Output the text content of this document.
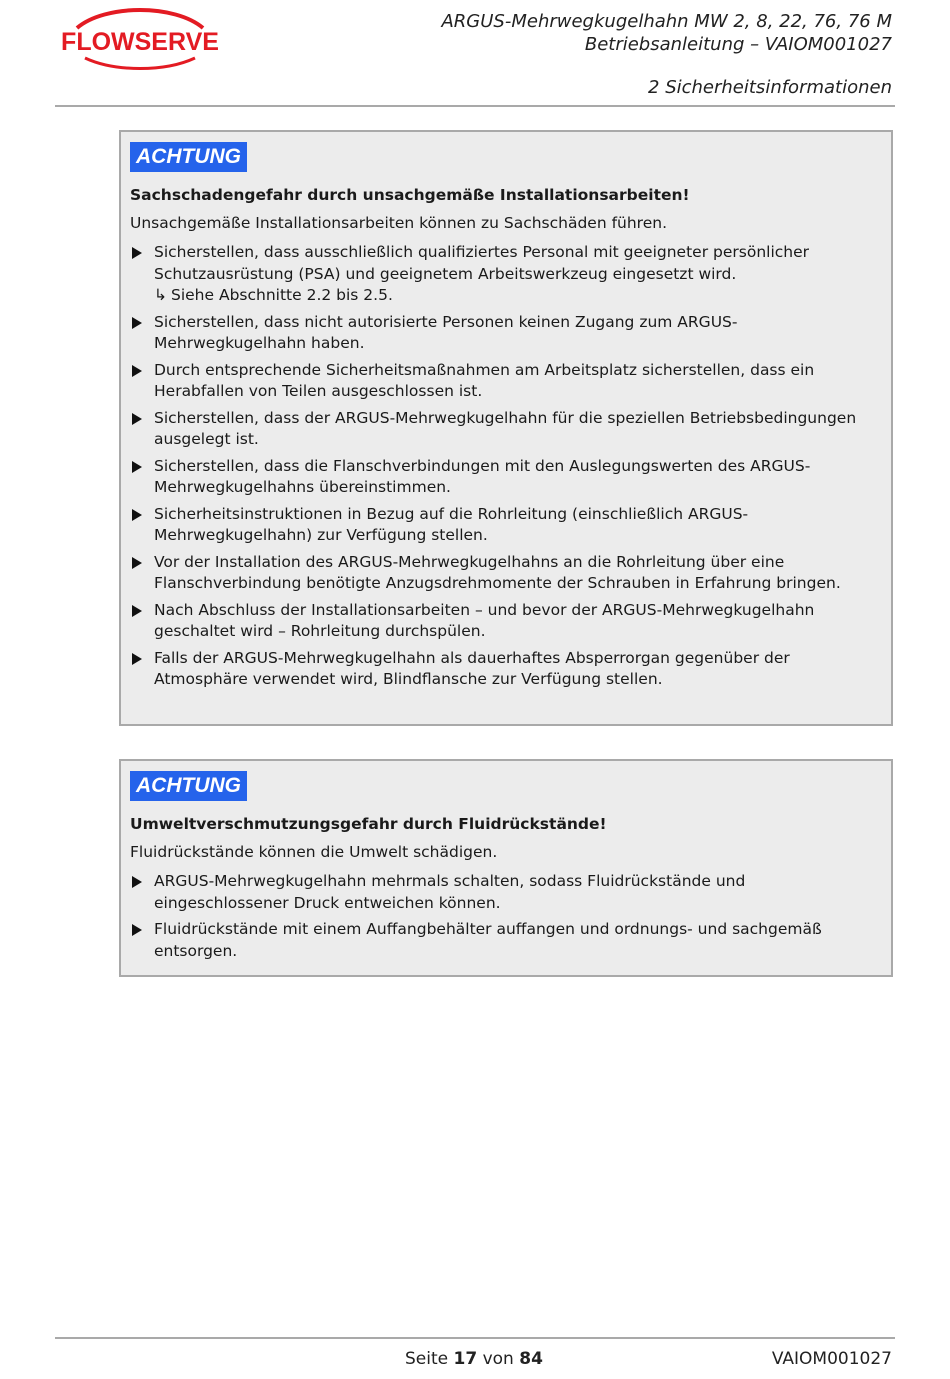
FLOWSERVE
ARGUS-Mehrwegkugelhahn MW 2, 8, 22, 76, 76 M
Betriebsanleitung – VAIOM001027
2 Sicherheitsinformationen
ACHTUNG
Sachschadengefahr durch unsachgemäße Installationsarbeiten!
Unsachgemäße Installationsarbeiten können zu Sachschäden führen.
Sicherstellen, dass ausschließlich qualifiziertes Personal mit geeigneter persönlicher Schutzausrüstung (PSA) und geeignetem Arbeitswerkzeug eingesetzt wird.
↳ Siehe Abschnitte 2.2 bis 2.5.
Sicherstellen, dass nicht autorisierte Personen keinen Zugang zum ARGUS-Mehrwegkugelhahn haben.
Durch entsprechende Sicherheitsmaßnahmen am Arbeitsplatz sicherstellen, dass ein Herabfallen von Teilen ausgeschlossen ist.
Sicherstellen, dass der ARGUS-Mehrwegkugelhahn für die speziellen Betriebsbedingungen ausgelegt ist.
Sicherstellen, dass die Flanschverbindungen mit den Auslegungswerten des ARGUS-Mehrwegkugelhahns übereinstimmen.
Sicherheitsinstruktionen in Bezug auf die Rohrleitung (einschließlich ARGUS-Mehrwegkugelhahn) zur Verfügung stellen.
Vor der Installation des ARGUS-Mehrwegkugelhahns an die Rohrleitung über eine Flanschverbindung benötigte Anzugsdrehmomente der Schrauben in Erfahrung bringen.
Nach Abschluss der Installationsarbeiten – und bevor der ARGUS-Mehrwegkugelhahn geschaltet wird – Rohrleitung durchspülen.
Falls der ARGUS-Mehrwegkugelhahn als dauerhaftes Absperrorgan gegenüber der Atmosphäre verwendet wird, Blindflansche zur Verfügung stellen.
ACHTUNG
Umweltverschmutzungsgefahr durch Fluidrückstände!
Fluidrückstände können die Umwelt schädigen.
ARGUS-Mehrwegkugelhahn mehrmals schalten, sodass Fluidrückstände und eingeschlossener Druck entweichen können.
Fluidrückstände mit einem Auffangbehälter auffangen und ordnungs- und sachgemäß entsorgen.
Seite 17 von 84	VAIOM001027
